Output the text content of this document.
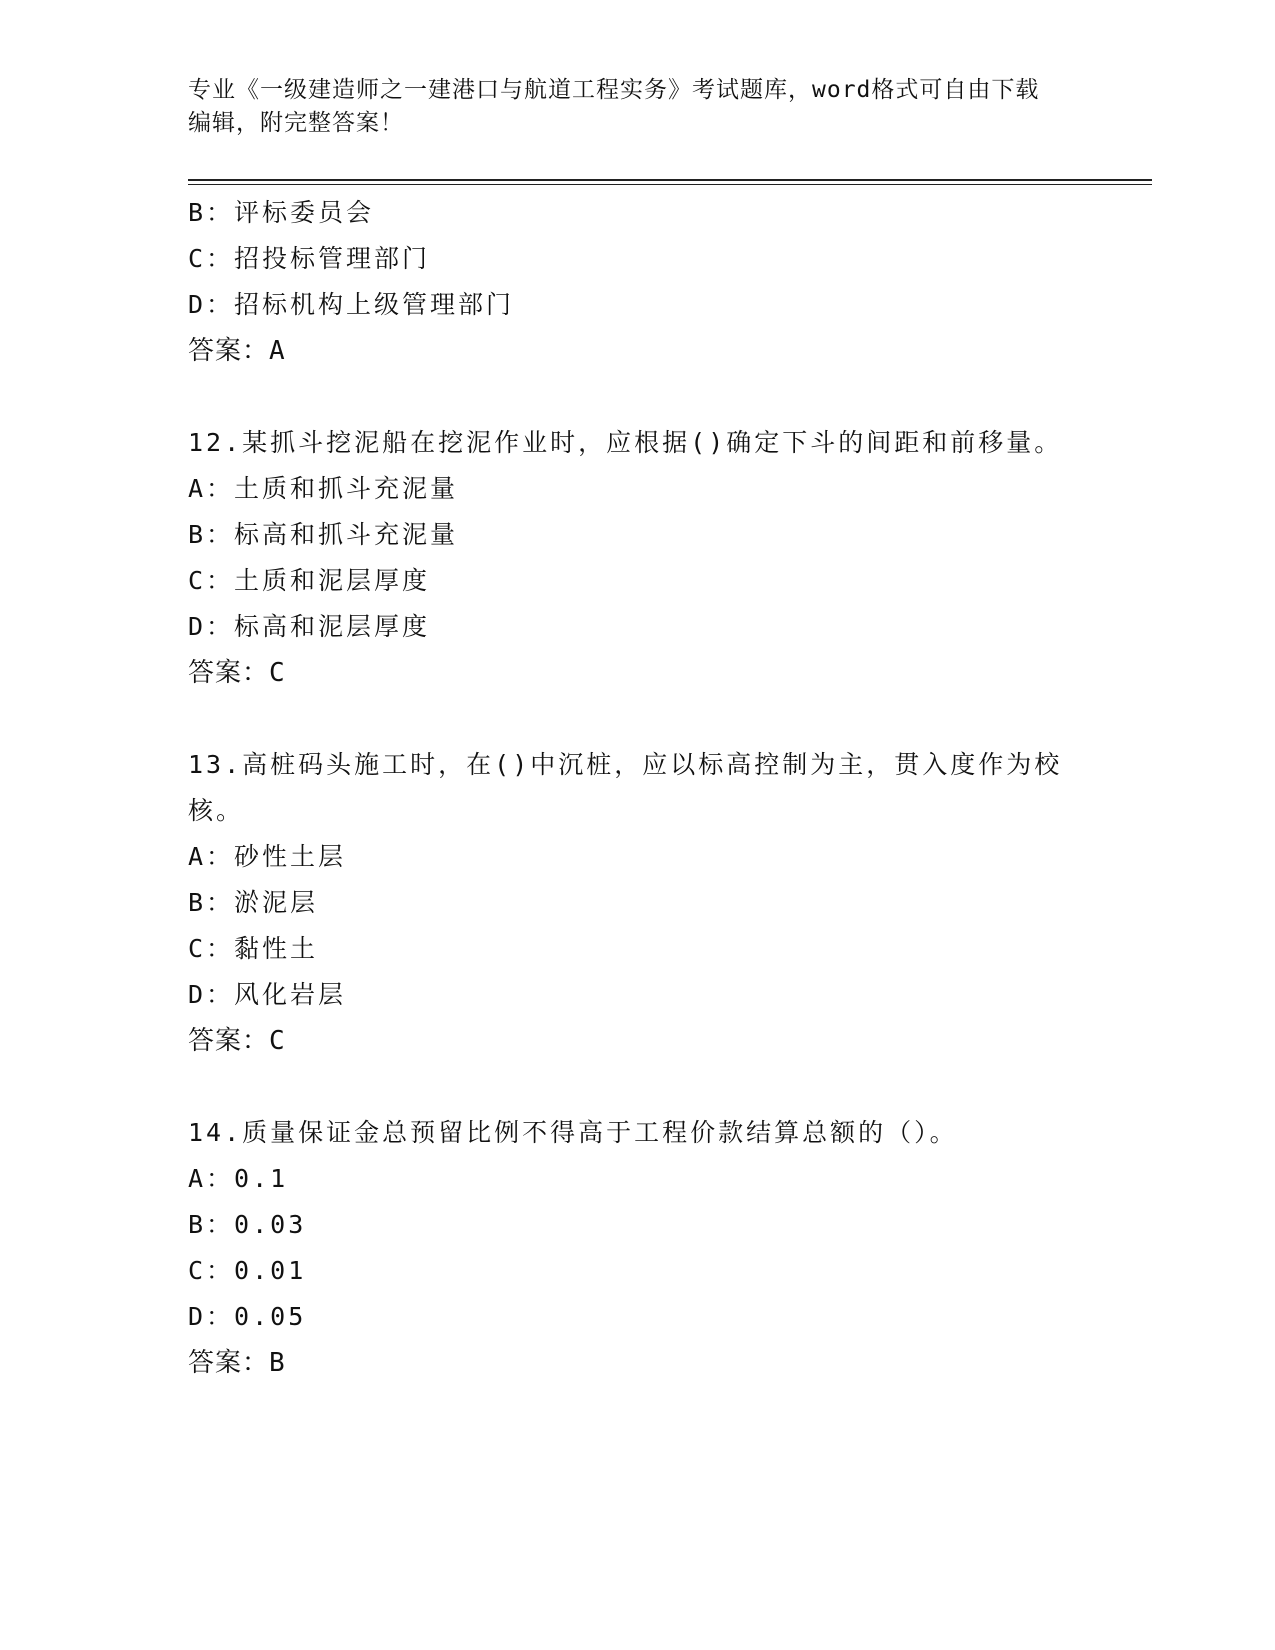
专业《一级建造师之一建港口与航道工程实务》考试题库，word格式可自由下载
编辑，附完整答案！
B：评标委员会
C：招投标管理部门
D：招标机构上级管理部门
答案：A
12.某抓斗挖泥船在挖泥作业时，应根据()确定下斗的间距和前移量。
A：土质和抓斗充泥量
B：标高和抓斗充泥量
C：土质和泥层厚度
D：标高和泥层厚度
答案：C
13.高桩码头施工时，在()中沉桩，应以标高控制为主，贯入度作为校
核。
A：砂性土层
B：淤泥层
C：黏性土
D：风化岩层
答案：C
14.质量保证金总预留比例不得高于工程价款结算总额的（）。
A：0.1
B：0.03
C：0.01
D：0.05
答案：B
